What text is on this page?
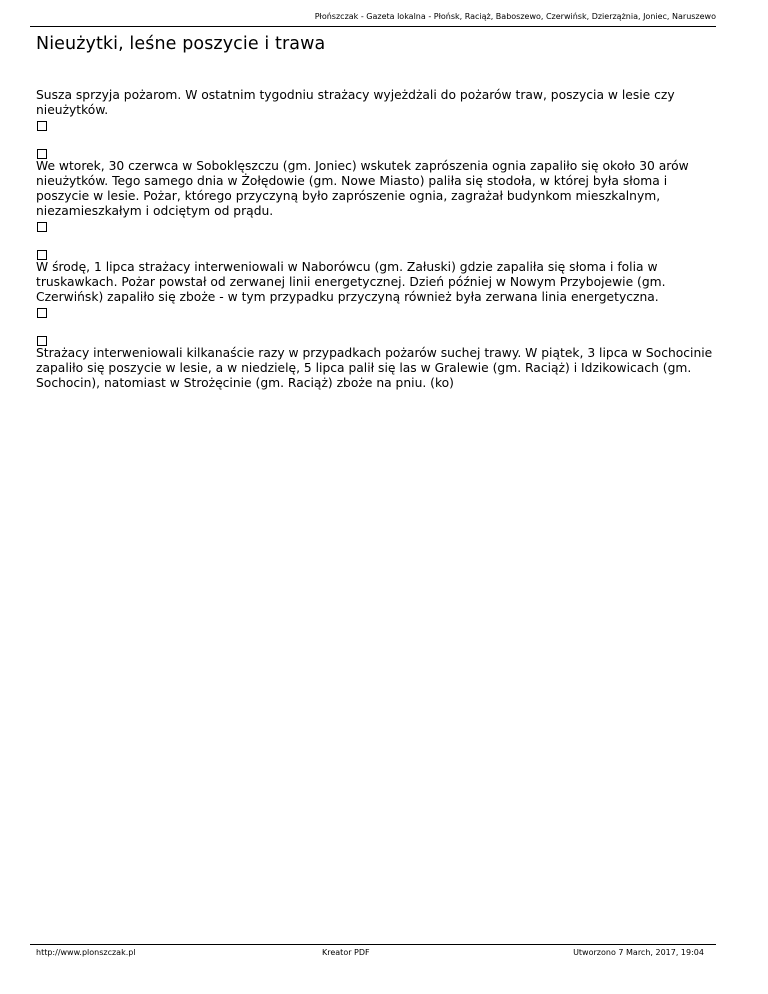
Płońszczak - Gazeta lokalna - Płońsk, Raciąż, Baboszewo, Czerwińsk, Dzierzążnia, Joniec, Naruszewo
Nieużytki, leśne poszycie i trawa

Susza sprzyja pożarom. W ostatnim tygodniu strażacy wyjeżdżali do pożarów traw, poszycia w lesie czy nieużytków.

We wtorek, 30 czerwca w Soboklęszczu (gm. Joniec) wskutek zaprószenia ognia zapaliło się około 30 arów nieużytków. Tego samego dnia w Żołędowie (gm. Nowe Miasto) paliła się stodoła, w której była słoma i poszycie w lesie. Pożar, którego przyczyną było zaprószenie ognia, zagrażał budynkom mieszkalnym, niezamieszkałym i odciętym od prądu.

W środę, 1 lipca strażacy interweniowali w Naborówcu (gm. Załuski) gdzie zapaliła się słoma i folia w truskawkach. Pożar powstał od zerwanej linii energetycznej. Dzień później w Nowym Przybojewie (gm. Czerwińsk) zapaliło się zboże - w tym przypadku przyczyną również była zerwana linia energetyczna.

Strażacy interweniowali kilkanaście razy w przypadkach pożarów suchej trawy. W piątek, 3 lipca w Sochocinie zapaliło się poszycie w lesie, a w niedzielę, 5 lipca palił się las w Gralewie (gm. Raciąż) i Idzikowicach (gm. Sochocin), natomiast w Strożęcinie (gm. Raciąż) zboże na pniu. (ko)

http://www.plonszczak.pl	Kreator PDF	Utworzono 7 March, 2017, 19:04
